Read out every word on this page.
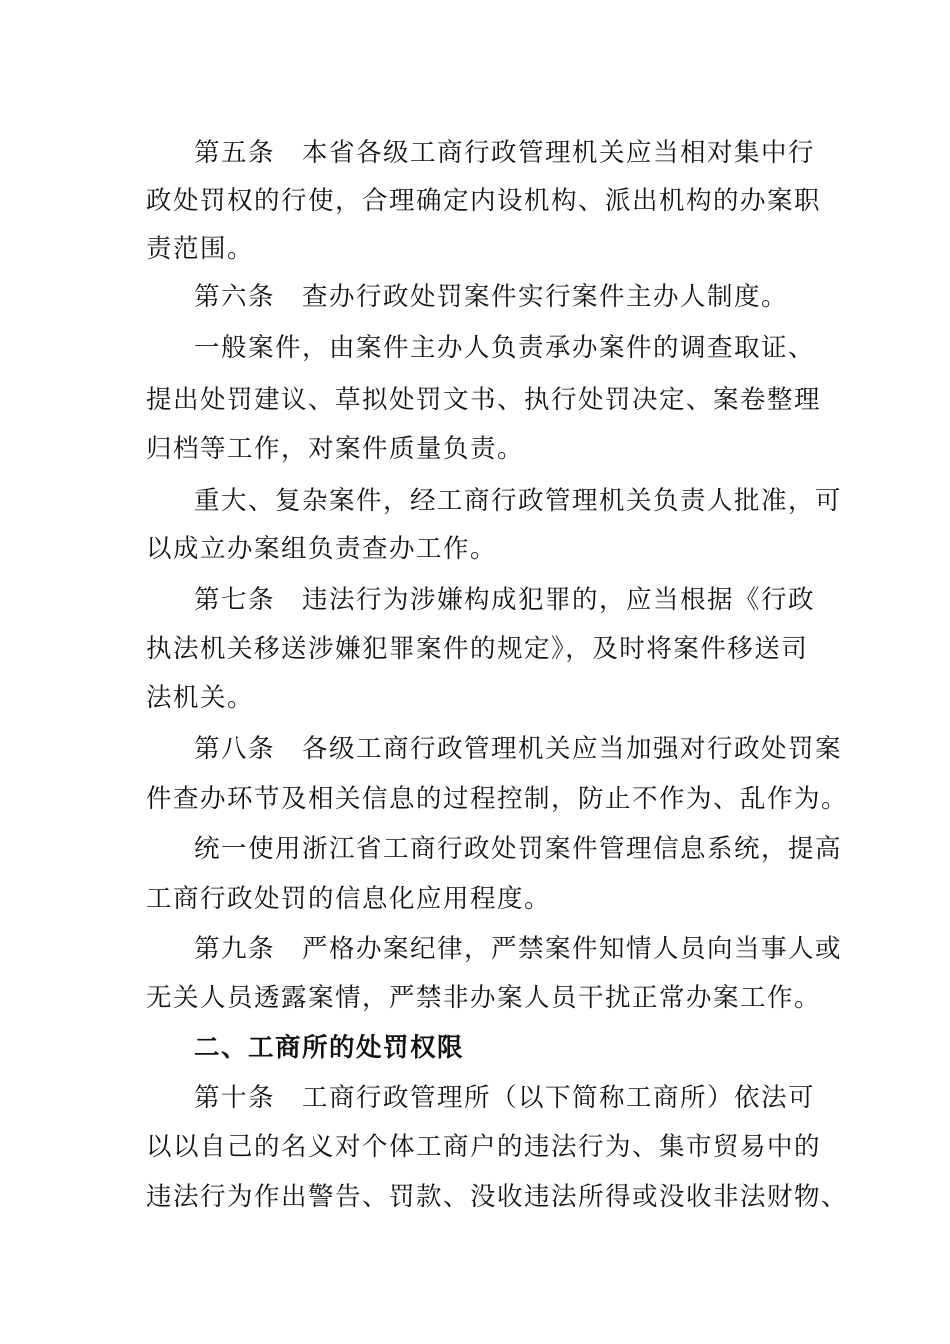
第五条　本省各级工商行政管理机关应当相对集中行
政处罚权的行使，合理确定内设机构、派出机构的办案职
责范围。
第六条　查办行政处罚案件实行案件主办人制度。
一般案件，由案件主办人负责承办案件的调查取证、
提出处罚建议、草拟处罚文书、执行处罚决定、案卷整理
归档等工作，对案件质量负责。
重大、复杂案件，经工商行政管理机关负责人批准，可
以成立办案组负责查办工作。
第七条　违法行为涉嫌构成犯罪的，应当根据《行政
执法机关移送涉嫌犯罪案件的规定》，及时将案件移送司
法机关。
第八条　各级工商行政管理机关应当加强对行政处罚案
件查办环节及相关信息的过程控制，防止不作为、乱作为。
统一使用浙江省工商行政处罚案件管理信息系统，提高
工商行政处罚的信息化应用程度。
第九条　严格办案纪律，严禁案件知情人员向当事人或
无关人员透露案情，严禁非办案人员干扰正常办案工作。
二、工商所的处罚权限
第十条　工商行政管理所（以下简称工商所）依法可
以以自己的名义对个体工商户的违法行为、集市贸易中的
违法行为作出警告、罚款、没收违法所得或没收非法财物、
